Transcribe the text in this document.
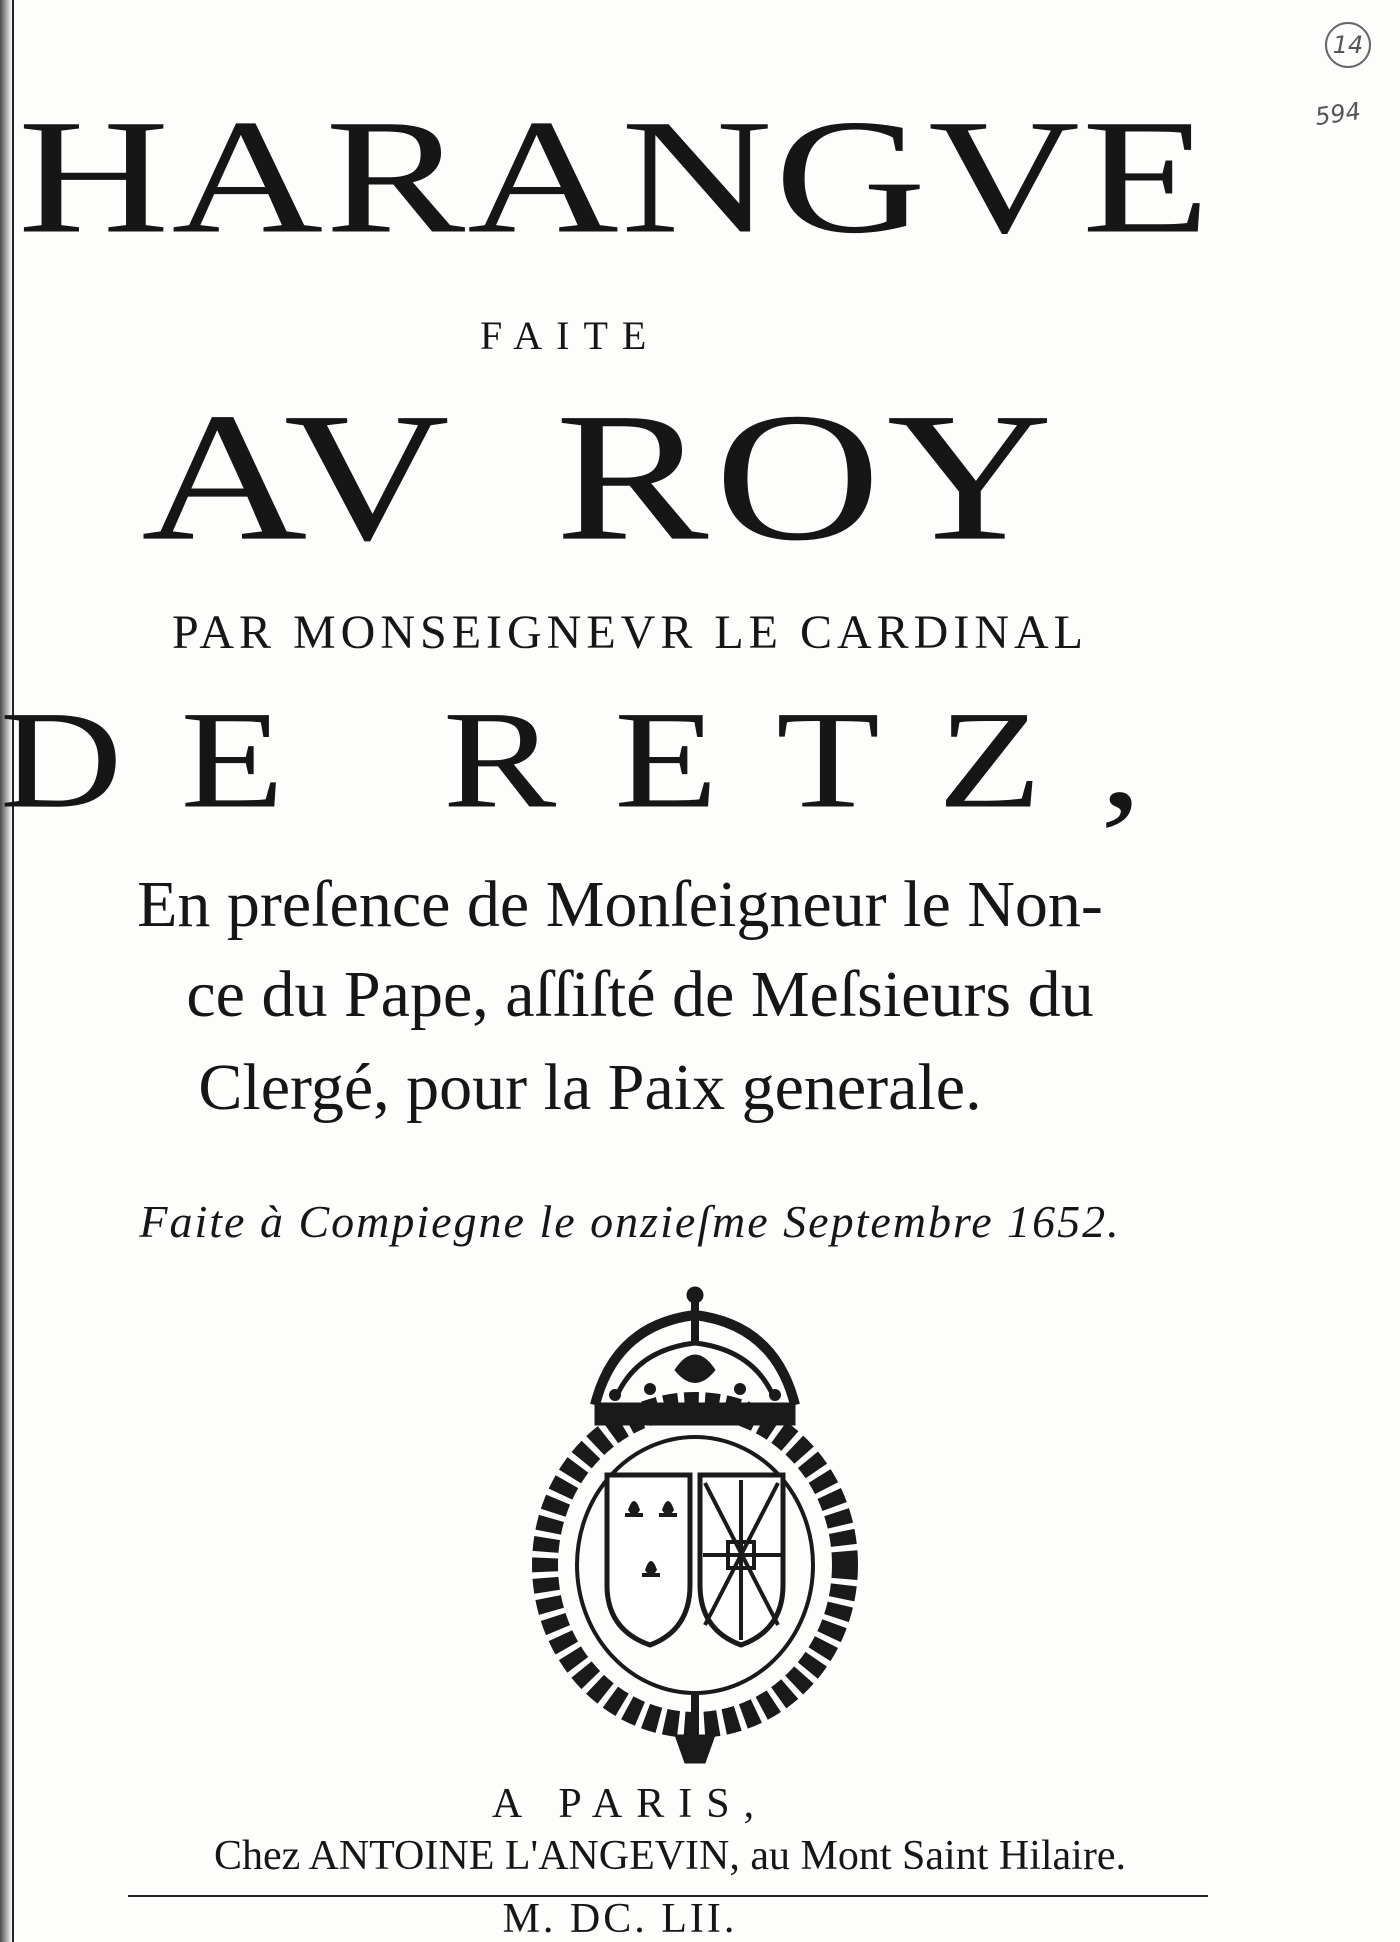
14
594
HARANGVE
FAITE
AV ROY
PAR MONSEIGNEVR LE CARDINAL
DE RETZ,
En preſence de Monſeigneur le Non-
ce du Pape, aſſiſté de Meſsieurs du
Clergé, pour la Paix generale.
Faite à Compiegne le onzieſme Septembre 1652.
A PARIS,
Chez ANTOINE L'ANGEVIN, au Mont Saint Hilaire.
M. DC. LII.
